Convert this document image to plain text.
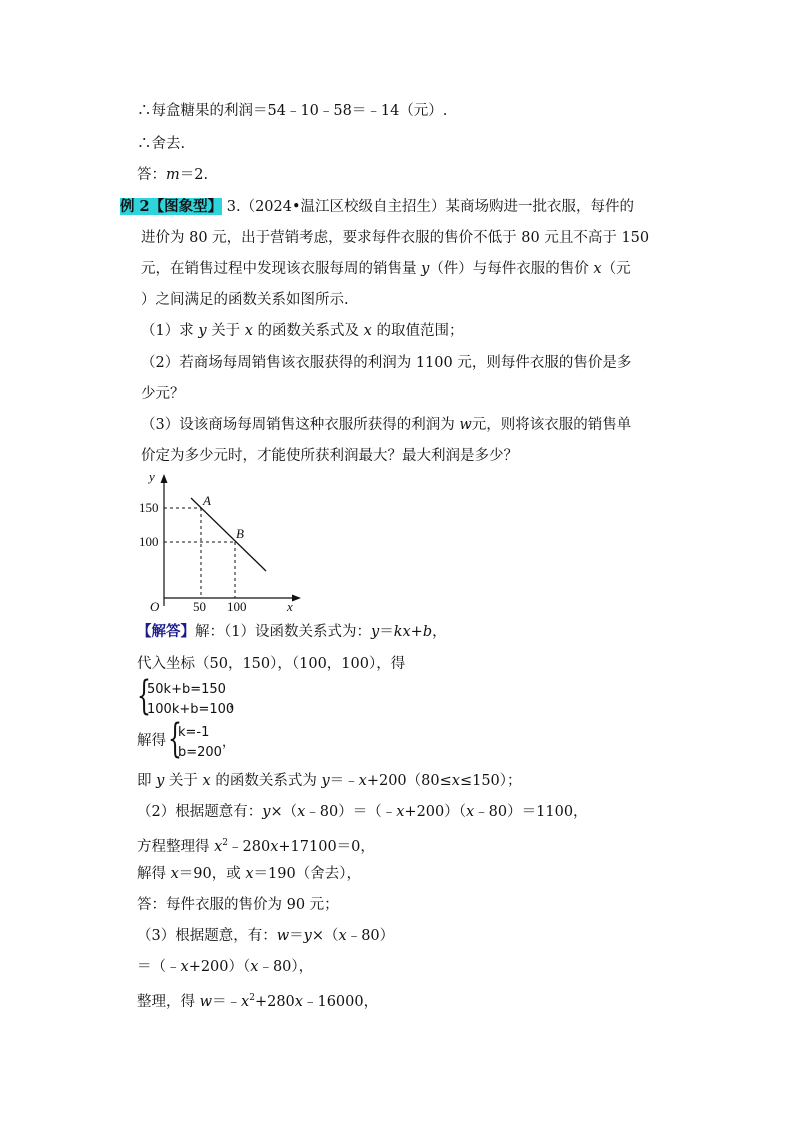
∴每盒糖果的利润＝54﹣10﹣58＝﹣14（元）.
∴舍去.
答：m＝2.
例 2【图象型】 3.（2024•温江区校级自主招生）某商场购进一批衣服，每件的
进价为 80 元，出于营销考虑，要求每件衣服的售价不低于 80 元且不高于 150
元，在销售过程中发现该衣服每周的销售量 y（件）与每件衣服的售价 x（元
）之间满足的函数关系如图所示.
（1）求 y 关于 x 的函数关系式及 x 的取值范围；
（2）若商场每周销售该衣服获得的利润为 1100 元，则每件衣服的售价是多
少元？
（3）设该商场每周销售这种衣服所获得的利润为 w元，则将该衣服的销售单
价定为多少元时，才能使所获利润最大？最大利润是多少？
y
x
O
150
100
50 100
A
B
【解答】解：（1）设函数关系式为：y＝kx+b，
代入坐标（50，150），（100，100），得
{
50k+b=150
100k+b=100
，
解得 {
k=-1
b=200
，
即 y 关于 x 的函数关系式为 y＝﹣x+200（80≤x≤150）；
（2）根据题意有：y×（x﹣80）＝（﹣x+200）（x﹣80）＝1100，
方程整理得 $x^2﹣280x+17100=0$，
解得 x＝90，或 x＝190（舍去），
答：每件衣服的售价为 90 元；
（3）根据题意，有：w＝y×（x﹣80）
＝（﹣x+200）（x﹣80），
整理，得 $w=﹣x^2+280x﹣16000$，
